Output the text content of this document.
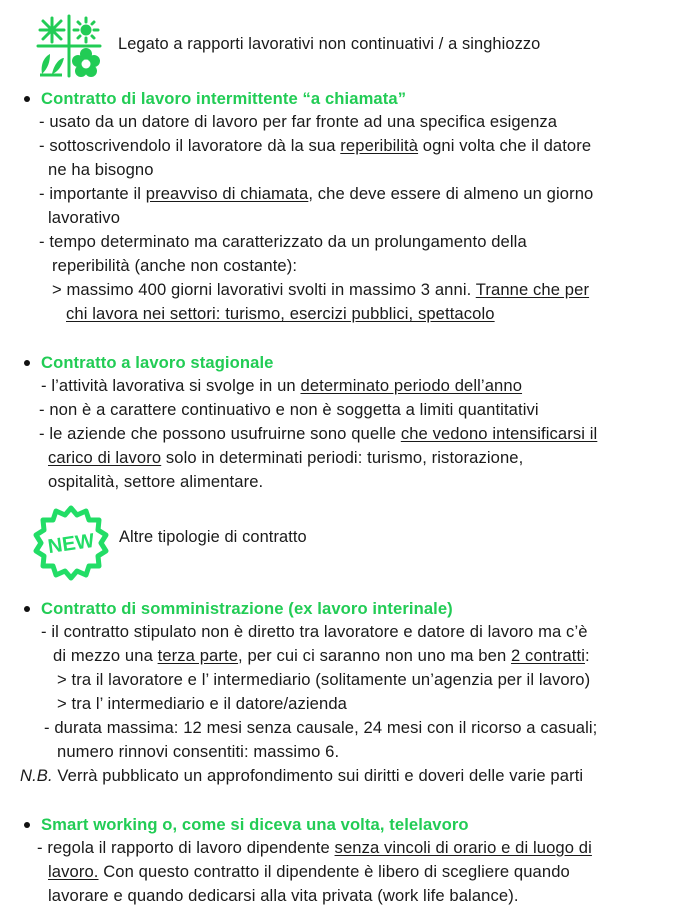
Legato a rapporti lavorativi non continuativi / a singhiozzo
Contratto di lavoro intermittente “a chiamata”
- usato da un datore di lavoro per far fronte ad una specifica esigenza
- sottoscrivendolo il lavoratore dà la sua reperibilità ogni volta che il datore
ne ha bisogno
- importante il preavviso di chiamata, che deve essere di almeno un giorno
lavorativo
- tempo determinato ma caratterizzato da un prolungamento della
reperibilità (anche non costante):
> massimo 400 giorni lavorativi svolti in massimo 3 anni. Tranne che per
chi lavora nei settori: turismo, esercizi pubblici, spettacolo
Contratto a lavoro stagionale
- l’attività lavorativa si svolge in un determinato periodo dell’anno
- non è a carattere continuativo e non è soggetta a limiti quantitativi
- le aziende che possono usufruirne sono quelle che vedono intensificarsi il
carico di lavoro solo in determinati periodi: turismo, ristorazione,
ospitalità, settore alimentare.
NEW Altre tipologie di contratto
Contratto di somministrazione (ex lavoro interinale)
- il contratto stipulato non è diretto tra lavoratore e datore di lavoro ma c’è
di mezzo una terza parte, per cui ci saranno non uno ma ben 2 contratti:
> tra il lavoratore e l’ intermediario (solitamente un’agenzia per il lavoro)
> tra l’ intermediario e il datore/azienda
- durata massima: 12 mesi senza causale, 24 mesi con il ricorso a casuali;
numero rinnovi consentiti: massimo 6.
N.B. Verrà pubblicato un approfondimento sui diritti e doveri delle varie parti
Smart working o, come si diceva una volta, telelavoro
- regola il rapporto di lavoro dipendente senza vincoli di orario e di luogo di
lavoro. Con questo contratto il dipendente è libero di scegliere quando
lavorare e quando dedicarsi alla vita privata (work life balance).
